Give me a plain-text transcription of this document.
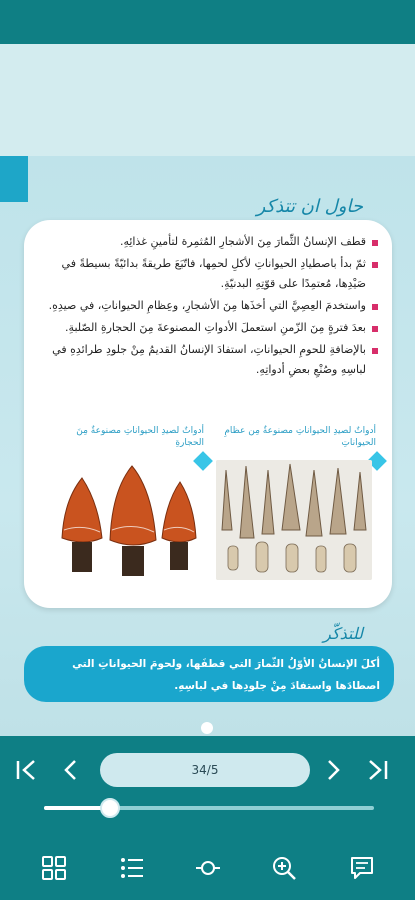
حاول ان تتذكر
قطف الإنسانُ الثِّمارَ مِنَ الأشجارِ المُثمِرة لتأمينِ غذائِهِ.
ثمّ بدأ باصطيادِ الحيواناتِ لأكلِ لحمِها، فاتّبَعَ طريقةً بدائيّةً بسيطةً في صَيْدِها، مُعتمِدًا على قوّتِهِ البدنيّةِ.
واستخدمَ العِصِيَّ التي أخذَها مِنَ الأشجارِ، وعِظامِ الحيواناتِ، في صيدِهِ.
بعدَ فترةٍ مِنَ الزّمنِ استعملَ الأدواتِ المصنوعةَ مِنَ الحجارةِ الصّلبةِ.
بالإضافةِ للحومِ الحيواناتِ، استفادَ الإنسانُ القديمُ مِنْ جلودِ طرائدِهِ في لباسِهِ وصُنْعِ بعضِ أدواتِهِ.
أدواتٌ لصيدِ الحيواناتِ مصنوعةٌ مِنَ الحجارةِ
أدواتٌ لصيدِ الحيواناتِ مصنوعةٌ مِن عظامِ الحيواناتِ
للتذكّر
أكلَ الإنسانُ الأوّلُ الثّمارَ التي قطفَها، ولحومَ الحيواناتِ التي اصطادَها واستفادَ مِنْ جلودِها في لباسِهِ.
34/5
